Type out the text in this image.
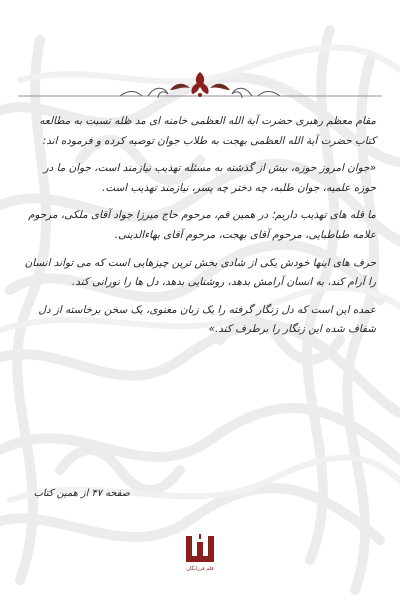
مقام معظم رهبری حضرت آیة الله العظمی خامنه ای مد ظله نسبت به مطالعه کتاب حضرت آیة الله العظمی بهجت به طلاب جوان توصیه کرده و فرموده اند:

«جوان امروز حوزه، بیش از گذشته به مسئله تهذیب نیازمند است، جوان ما در حوزه علمیه، جوان طلبه، چه دختر چه پسر، نیازمند تهذیب است.

ما قله های تهذیب داریم؛ در همین قم، مرحوم حاج میرزا جواد آقای ملکی، مرحوم علامه طباطبایی، مرحوم آقای بهجت، مرحوم آقای بهاءالدینی.

حرف های اینها خودش یکی از شادی بخش ترین چیزهایی است که می تواند انسان را آرام کند، به انسان آرامش بدهد، روشنایی بدهد، دل ها را نورانی کند.

عمده این است که دل زنگار گرفته را یک زبان معنوی، یک سخن برخاسته از دل شفاف شده این زنگار را برطرف کند.»

صفحه ۴۷ از همین کتاب
قلم فرزانگان
